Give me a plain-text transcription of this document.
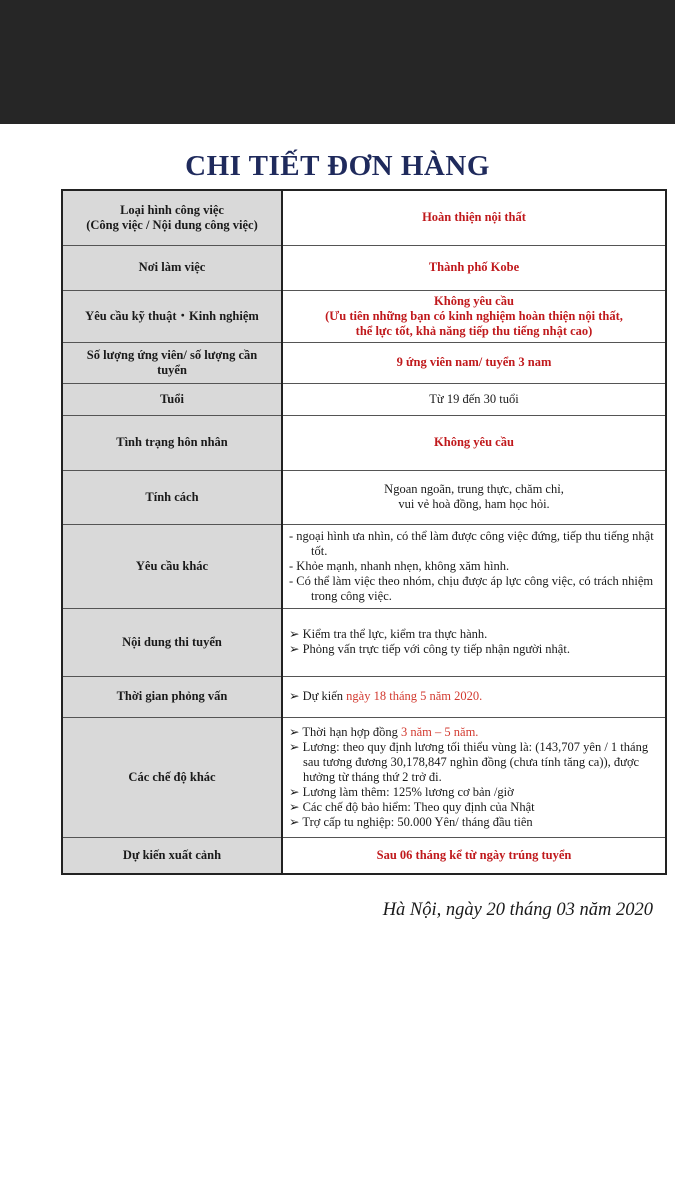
CHI TIẾT ĐƠN HÀNG
Loại hình công việc
(Công việc / Nội dung công việc)	Hoàn thiện nội thất
Nơi làm việc	Thành phố Kobe
Yêu cầu kỹ thuật・Kinh nghiệm	Không yêu cầu
(Ưu tiên những bạn có kinh nghiệm hoàn thiện nội thất,
thể lực tốt, khả năng tiếp thu tiếng nhật cao)

Số lượng ứng viên/ số lượng cần
tuyển	9 ứng viên nam/ tuyển 3 nam
Tuổi	Từ 19 đến 30 tuổi
Tình trạng hôn nhân	Không yêu cầu
Tính cách	Ngoan ngoãn, trung thực, chăm chỉ,
vui vẻ hoà đồng, ham học hỏi.

Yêu cầu khác	- ngoại hình ưa nhìn, có thể làm được công việc đứng, tiếp thu tiếng nhật tốt.
- Khỏe mạnh, nhanh nhẹn, không xăm hình.
- Có thể làm việc theo nhóm, chịu được áp lực công việc, có trách nhiệm trong công việc.

Nội dung thi tuyển	➢ Kiểm tra thể lực, kiểm tra thực hành.
➢ Phỏng vấn trực tiếp với công ty tiếp nhận người nhật.

Thời gian phỏng vấn	➢ Dự kiến ngày 18 tháng 5 năm 2020.
Các chế độ khác	➢ Thời hạn hợp đồng 3 năm – 5 năm.
➢ Lương: theo quy định lương tối thiểu vùng là: (143,707 yên / 1 tháng sau tương đương 30,178,847 nghìn đồng (chưa tính tăng ca)), được hưởng từ tháng thứ 2 trở đi.
➢ Lương làm thêm: 125% lương cơ bản /giờ
➢ Các chế độ bảo hiểm: Theo quy định của Nhật
➢ Trợ cấp tu nghiệp: 50.000 Yên/ tháng đầu tiên

Dự kiến xuất cảnh	Sau 06 tháng kể từ ngày trúng tuyển
Hà Nội, ngày 20 tháng 03 năm 2020
